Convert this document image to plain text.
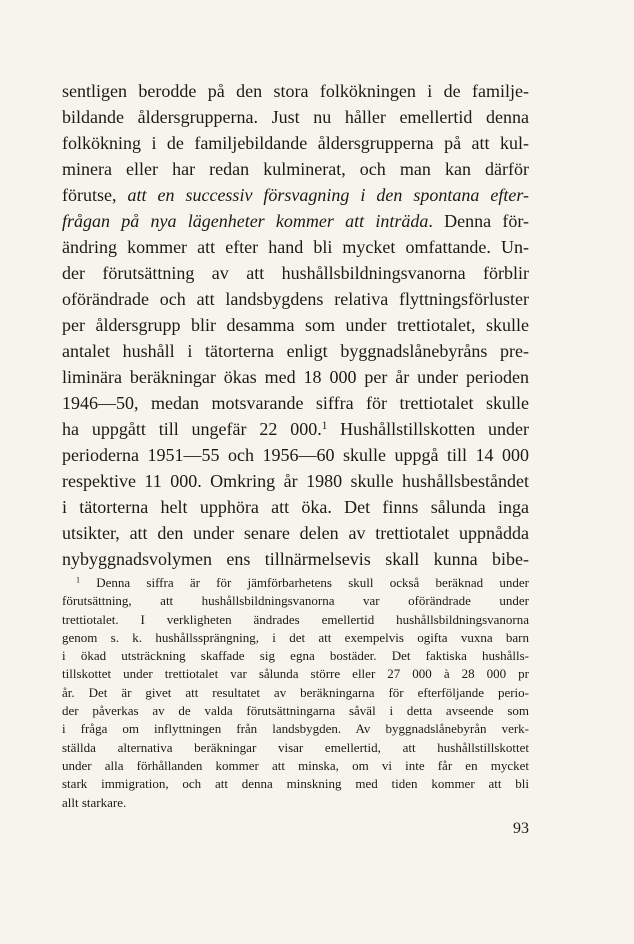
sentligen berodde på den stora folkökningen i de familje-
bildande åldersgrupperna. Just nu håller emellertid denna
folkökning i de familjebildande åldersgrupperna på att kul-
minera eller har redan kulminerat, och man kan därför
förutse, att en successiv försvagning i den spontana efter-
frågan på nya lägenheter kommer att inträda. Denna för-
ändring kommer att efter hand bli mycket omfattande. Un-
der förutsättning av att hushållsbildningsvanorna förblir
oförändrade och att landsbygdens relativa flyttningsförluster
per åldersgrupp blir desamma som under trettiotalet, skulle
antalet hushåll i tätorterna enligt byggnadslånebyråns pre-
liminära beräkningar ökas med 18 000 per år under perioden
1946—50, medan motsvarande siffra för trettiotalet skulle
ha uppgått till ungefär 22 000.$^1$ Hushållstillskotten under
perioderna 1951—55 och 1956—60 skulle uppgå till 14 000
respektive 11 000. Omkring år 1980 skulle hushållsbeståndet
i tätorterna helt upphöra att öka. Det finns sålunda inga
utsikter, att den under senare delen av trettiotalet uppnådda
nybyggnadsvolymen ens tillnärmelsevis skall kunna bibe-
$^1$ Denna siffra är för jämförbarhetens skull också beräknad under
förutsättning, att hushållsbildningsvanorna var oförändrade under
trettiotalet. I verkligheten ändrades emellertid hushållsbildningsvanorna
genom s. k. hushållssprängning, i det att exempelvis ogifta vuxna barn
i ökad utsträckning skaffade sig egna bostäder. Det faktiska hushålls-
tillskottet under trettiotalet var sålunda större eller 27 000 à 28 000 pr
år. Det är givet att resultatet av beräkningarna för efterföljande perio-
der påverkas av de valda förutsättningarna såväl i detta avseende som
i fråga om inflyttningen från landsbygden. Av byggnadslånebyrån verk-
ställda alternativa beräkningar visar emellertid, att hushållstillskottet
under alla förhållanden kommer att minska, om vi inte får en mycket
stark immigration, och att denna minskning med tiden kommer att bli
allt starkare.
93
